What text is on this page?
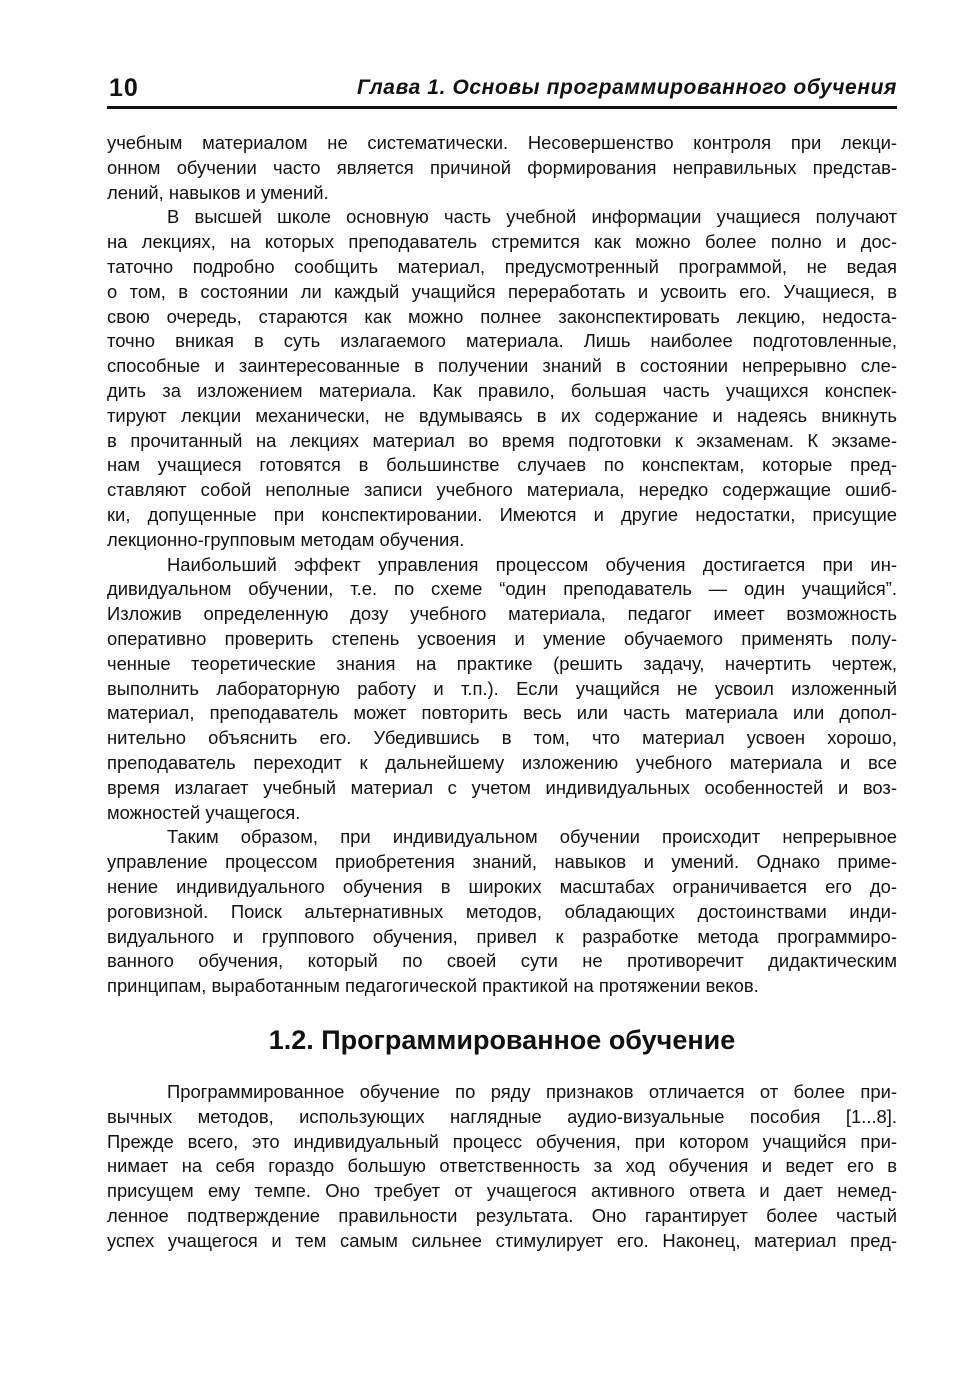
10	Глава 1. Основы программированного обучения

учебным материалом не систематически. Несовершенство контроля при лекци-
онном обучении часто является причиной формирования неправильных представ-
лений, навыков и умений.

В высшей школе основную часть учебной информации учащиеся получают
на лекциях, на которых преподаватель стремится как можно более полно и дос-
таточно подробно сообщить материал, предусмотренный программой, не ведая
о том, в состоянии ли каждый учащийся переработать и усвоить его. Учащиеся, в
свою очередь, стараются как можно полнее законспектировать лекцию, недоста-
точно вникая в суть излагаемого материала. Лишь наиболее подготовленные,
способные и заинтересованные в получении знаний в состоянии непрерывно сле-
дить за изложением материала. Как правило, большая часть учащихся конспек-
тируют лекции механически, не вдумываясь в их содержание и надеясь вникнуть
в прочитанный на лекциях материал во время подготовки к экзаменам. К экзаме-
нам учащиеся готовятся в большинстве случаев по конспектам, которые пред-
ставляют собой неполные записи учебного материала, нередко содержащие ошиб-
ки, допущенные при конспектировании. Имеются и другие недостатки, присущие
лекционно-групповым методам обучения.

Наибольший эффект управления процессом обучения достигается при ин-
дивидуальном обучении, т.е. по схеме “один преподаватель — один учащийся”.
Изложив определенную дозу учебного материала, педагог имеет возможность
оперативно проверить степень усвоения и умение обучаемого применять полу-
ченные теоретические знания на практике (решить задачу, начертить чертеж,
выполнить лабораторную работу и т.п.). Если учащийся не усвоил изложенный
материал, преподаватель может повторить весь или часть материала или допол-
нительно объяснить его. Убедившись в том, что материал усвоен хорошо,
преподаватель переходит к дальнейшему изложению учебного материала и все
время излагает учебный материал с учетом индивидуальных особенностей и воз-
можностей учащегося.

Таким образом, при индивидуальном обучении происходит непрерывное
управление процессом приобретения знаний, навыков и умений. Однако приме-
нение индивидуального обучения в широких масштабах ограничивается его до-
роговизной. Поиск альтернативных методов, обладающих достоинствами инди-
видуального и группового обучения, привел к разработке метода программиро-
ванного обучения, который по своей сути не противоречит дидактическим
принципам, выработанным педагогической практикой на протяжении веков.

1.2. Программированное обучение

Программированное обучение по ряду признаков отличается от более при-
вычных методов, использующих наглядные аудио-визуальные пособия [1...8].
Прежде всего, это индивидуальный процесс обучения, при котором учащийся при-
нимает на себя гораздо большую ответственность за ход обучения и ведет его в
присущем ему темпе. Оно требует от учащегося активного ответа и дает немед-
ленное подтверждение правильности результата. Оно гарантирует более частый
успех учащегося и тем самым сильнее стимулирует его. Наконец, материал пред-
